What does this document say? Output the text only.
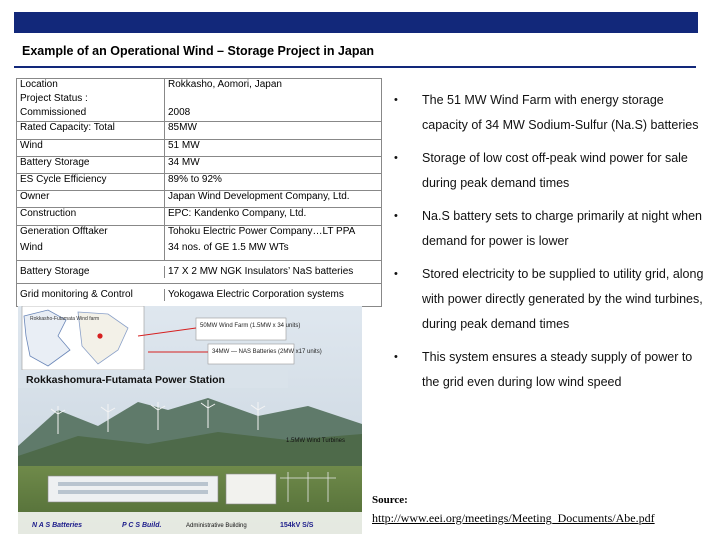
Example of an Operational Wind – Storage Project in Japan
Location	Rokkasho, Aomori, Japan
Project Status :
Commissioned	2008
Rated Capacity: Total	85MW
Wind	51 MW
Battery Storage	34 MW
ES Cycle Efficiency	89% to 92%
Owner	Japan Wind Development Company, Ltd.
Construction	EPC: Kandenko Company, Ltd.
Generation Offtaker	Tohoku Electric Power Company…LT PPA
Wind	34 nos. of GE 1.5 MW WTs
Battery Storage	17 X 2 MW NGK Insulators’ NaS batteries
Grid monitoring & Control	Yokogawa Electric Corporation systems
• The 51 MW Wind Farm with energy storage capacity of 34 MW Sodium-Sulfur (Na.S) batteries
• Storage of low cost off-peak wind power for sale during peak demand times
• Na.S battery sets to charge primarily at night when demand for power is lower
• Stored electricity to be supplied to utility grid, along with power directly generated by the wind turbines, during peak demand times
• This system ensures a steady supply of power to the grid even during low wind speed
Rokkasho-Futamata Wind farm
50MW Wind Farm (1.5MW x 34 units)
34MW — NAS Batteries (2MW x17 units)
Rokkashomura-Futamata Power Station
1.5MW Wind Turbines
N A S Batteries	P C S Build.	Administrative Building	154kV S/S
Source:
http://www.eei.org/meetings/Meeting_Documents/Abe.pdf
